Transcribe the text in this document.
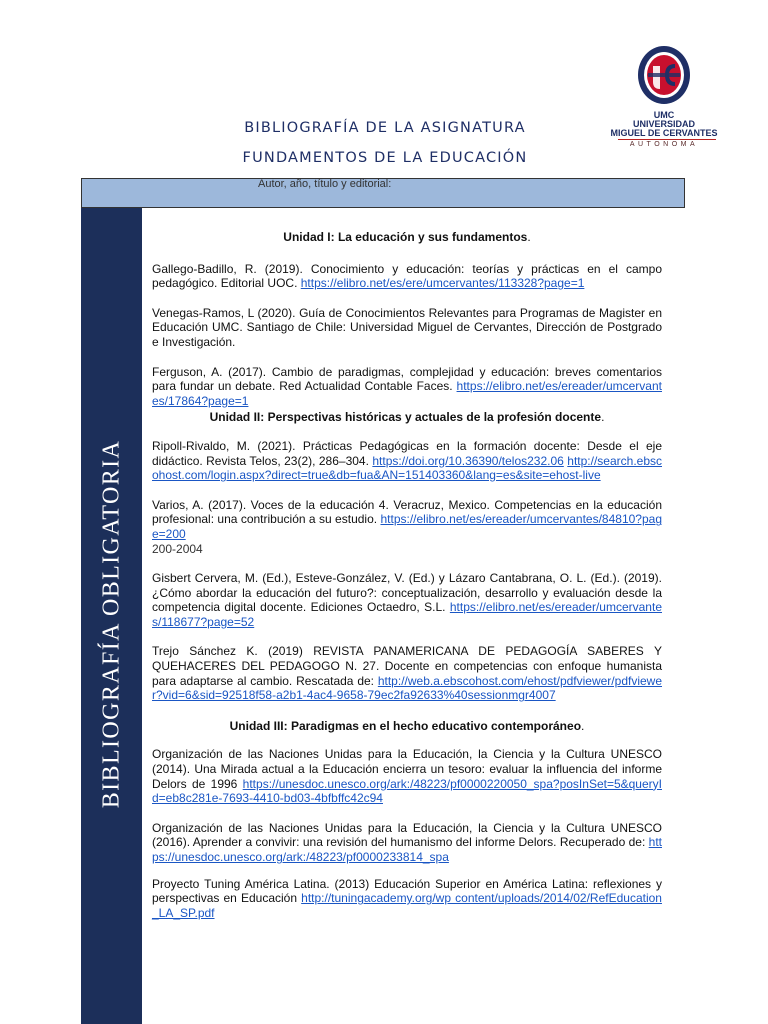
BIBLIOGRAFÍA DE LA ASIGNATURA
FUNDAMENTOS DE LA EDUCACIÓN
UMC
UNIVERSIDAD
MIGUEL DE CERVANTES
AUTONOMA
Autor, año, título y editorial:
BIBLIOGRAFÍA OBLIGATORIA

Unidad I: La educación y sus fundamentos.

Gallego-Badillo, R. (2019). Conocimiento y educación: teorías y prácticas en el campo pedagógico. Editorial UOC. https://elibro.net/es/ere/umcervantes/113328?page=1

Venegas-Ramos, L (2020). Guía de Conocimientos Relevantes para Programas de Magister en Educación UMC. Santiago de Chile: Universidad Miguel de Cervantes, Dirección de Postgrado e Investigación.

Ferguson, A. (2017). Cambio de paradigmas, complejidad y educación: breves comentarios para fundar un debate. Red Actualidad Contable Faces. https://elibro.net/es/ereader/umcervantes/17864?page=1

Unidad II: Perspectivas históricas y actuales de la profesión docente.

Ripoll-Rivaldo, M. (2021). Prácticas Pedagógicas en la formación docente: Desde el eje didáctico. Revista Telos, 23(2), 286–304. https://doi.org/10.36390/telos232.06 http://search.ebscohost.com/login.aspx?direct=true&db=fua&AN=151403360&lang=es&site=ehost-live

Varios, A. (2017). Voces de la educación 4. Veracruz, Mexico. Competencias en la educación profesional: una contribución a su estudio. https://elibro.net/es/ereader/umcervantes/84810?page=200
200-2004

Gisbert Cervera, M. (Ed.), Esteve-González, V. (Ed.) y Lázaro Cantabrana, O. L. (Ed.). (2019). ¿Cómo abordar la educación del futuro?: conceptualización, desarrollo y evaluación desde la competencia digital docente. Ediciones Octaedro, S.L. https://elibro.net/es/ereader/umcervantes/118677?page=52

Trejo Sánchez K. (2019) REVISTA PANAMERICANA DE PEDAGOGÍA SABERES Y QUEHACERES DEL PEDAGOGO N. 27. Docente en competencias con enfoque humanista para adaptarse al cambio. Rescatada de: http://web.a.ebscohost.com/ehost/pdfviewer/pdfviewer?vid=6&sid=92518f58-a2b1-4ac4-9658-79ec2fa92633%40sessionmgr4007

Unidad III: Paradigmas en el hecho educativo contemporáneo.

Organización de las Naciones Unidas para la Educación, la Ciencia y la Cultura UNESCO (2014). Una Mirada actual a la Educación encierra un tesoro: evaluar la influencia del informe Delors de 1996 https://unesdoc.unesco.org/ark:/48223/pf0000220050_spa?posInSet=5&queryId=eb8c281e-7693-4410-bd03-4bfbffc42c94

Organización de las Naciones Unidas para la Educación, la Ciencia y la Cultura UNESCO (2016). Aprender a convivir: una revisión del humanismo del informe Delors. Recuperado de: https://unesdoc.unesco.org/ark:/48223/pf0000233814_spa

Proyecto Tuning América Latina. (2013) Educación Superior en América Latina: reflexiones y perspectivas en Educación http://tuningacademy.org/wp content/uploads/2014/02/RefEducation_LA_SP.pdf
